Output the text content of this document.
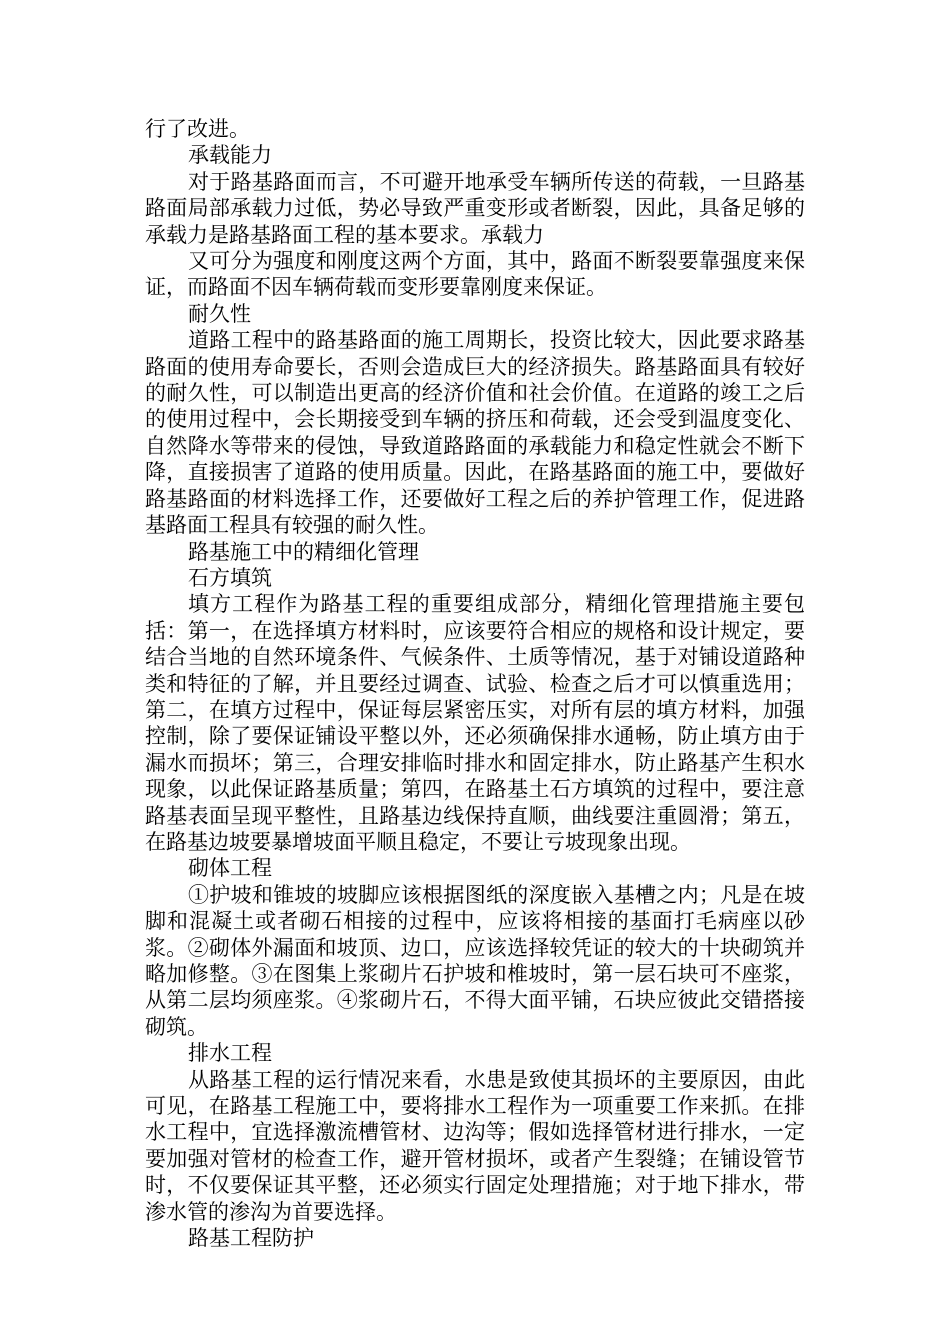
行了改进。

承载能力

对于路基路面而言，不可避开地承受车辆所传送的荷载，一旦路基路面局部承载力过低，势必导致严重变形或者断裂，因此，具备足够的承载力是路基路面工程的基本要求。承载力

又可分为强度和刚度这两个方面，其中，路面不断裂要靠强度来保证，而路面不因车辆荷载而变形要靠刚度来保证。

耐久性

道路工程中的路基路面的施工周期长，投资比较大，因此要求路基路面的使用寿命要长，否则会造成巨大的经济损失。路基路面具有较好的耐久性，可以制造出更高的经济价值和社会价值。在道路的竣工之后的使用过程中，会长期接受到车辆的挤压和荷载，还会受到温度变化、自然降水等带来的侵蚀，导致道路路面的承载能力和稳定性就会不断下降，直接损害了道路的使用质量。因此，在路基路面的施工中，要做好路基路面的材料选择工作，还要做好工程之后的养护管理工作，促进路基路面工程具有较强的耐久性。

路基施工中的精细化管理

石方填筑

填方工程作为路基工程的重要组成部分，精细化管理措施主要包括：第一，在选择填方材料时，应该要符合相应的规格和设计规定，要结合当地的自然环境条件、气候条件、土质等情况，基于对铺设道路种类和特征的了解，并且要经过调查、试验、检查之后才可以慎重选用；第二，在填方过程中，保证每层紧密压实，对所有层的填方材料，加强控制，除了要保证铺设平整以外，还必须确保排水通畅，防止填方由于漏水而损坏；第三，合理安排临时排水和固定排水，防止路基产生积水现象，以此保证路基质量；第四，在路基土石方填筑的过程中，要注意路基表面呈现平整性，且路基边线保持直顺，曲线要注重圆滑；第五，在路基边坡要暴增坡面平顺且稳定，不要让亏坡现象出现。

砌体工程

①护坡和锥坡的坡脚应该根据图纸的深度嵌入基槽之内；凡是在坡脚和混凝土或者砌石相接的过程中，应该将相接的基面打毛病座以砂浆。②砌体外漏面和坡顶、边口，应该选择较凭证的较大的十块砌筑并略加修整。③在图集上浆砌片石护坡和椎坡时，第一层石块可不座浆，从第二层均须座浆。④浆砌片石，不得大面平铺，石块应彼此交错搭接砌筑。

排水工程

从路基工程的运行情况来看，水患是致使其损坏的主要原因，由此可见，在路基工程施工中，要将排水工程作为一项重要工作来抓。在排水工程中，宜选择激流槽管材、边沟等；假如选择管材进行排水，一定要加强对管材的检查工作，避开管材损坏，或者产生裂缝；在铺设管节时，不仅要保证其平整，还必须实行固定处理措施；对于地下排水，带渗水管的渗沟为首要选择。

路基工程防护
